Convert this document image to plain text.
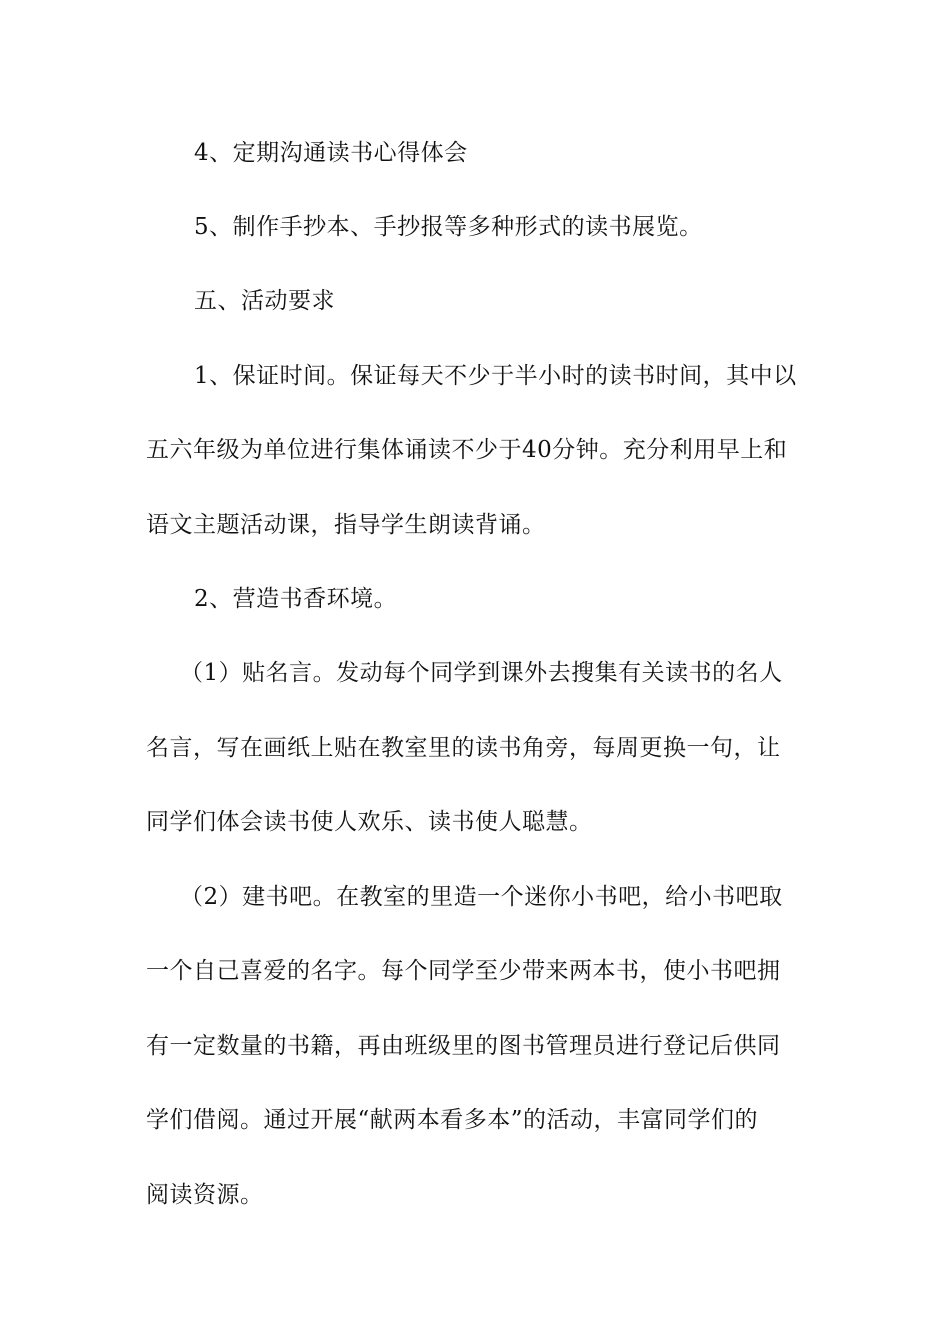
4、定期沟通读书心得体会
5、制作手抄本、手抄报等多种形式的读书展览。
五、活动要求
1、保证时间。保证每天不少于半小时的读书时间，其中以
五六年级为单位进行集体诵读不少于40分钟。充分利用早上和
语文主题活动课，指导学生朗读背诵。
2、营造书香环境。
（1）贴名言。发动每个同学到课外去搜集有关读书的名人
名言，写在画纸上贴在教室里的读书角旁，每周更换一句，让
同学们体会读书使人欢乐、读书使人聪慧。
（2）建书吧。在教室的里造一个迷你小书吧，给小书吧取
一个自己喜爱的名字。每个同学至少带来两本书，使小书吧拥
有一定数量的书籍，再由班级里的图书管理员进行登记后供同
学们借阅。通过开展“献两本看多本”的活动，丰富同学们的
阅读资源。
